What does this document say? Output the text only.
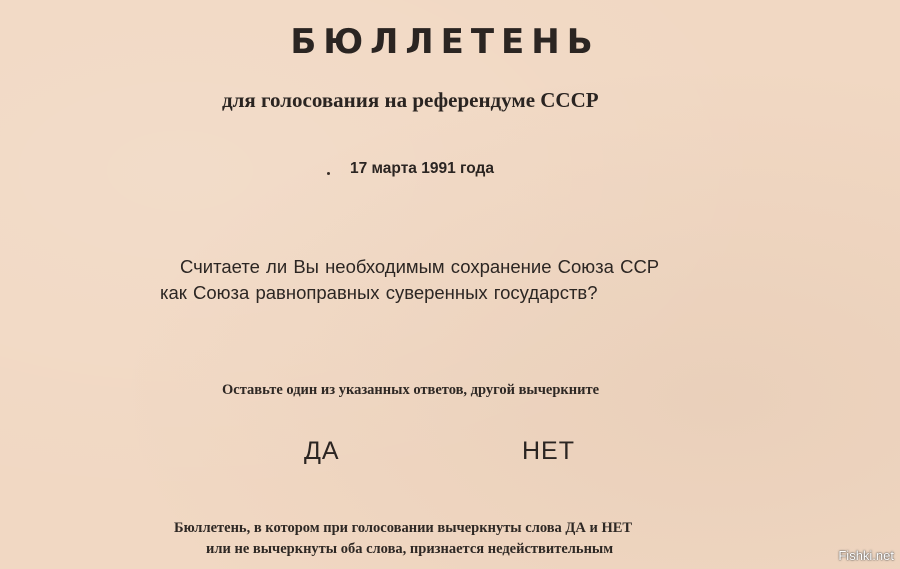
БЮЛЛЕТЕНЬ
для голосования на референдуме СССР
17 марта 1991 года
Считаете ли Вы необходимым сохранение Союза ССР
как Союза равноправных суверенных государств?
Оставьте один из указанных ответов, другой вычеркните
ДА	НЕТ
Бюллетень, в котором при голосовании вычеркнуты слова ДА и НЕТ
или не вычеркнуты оба слова, признается недействительным	Fishki.net
